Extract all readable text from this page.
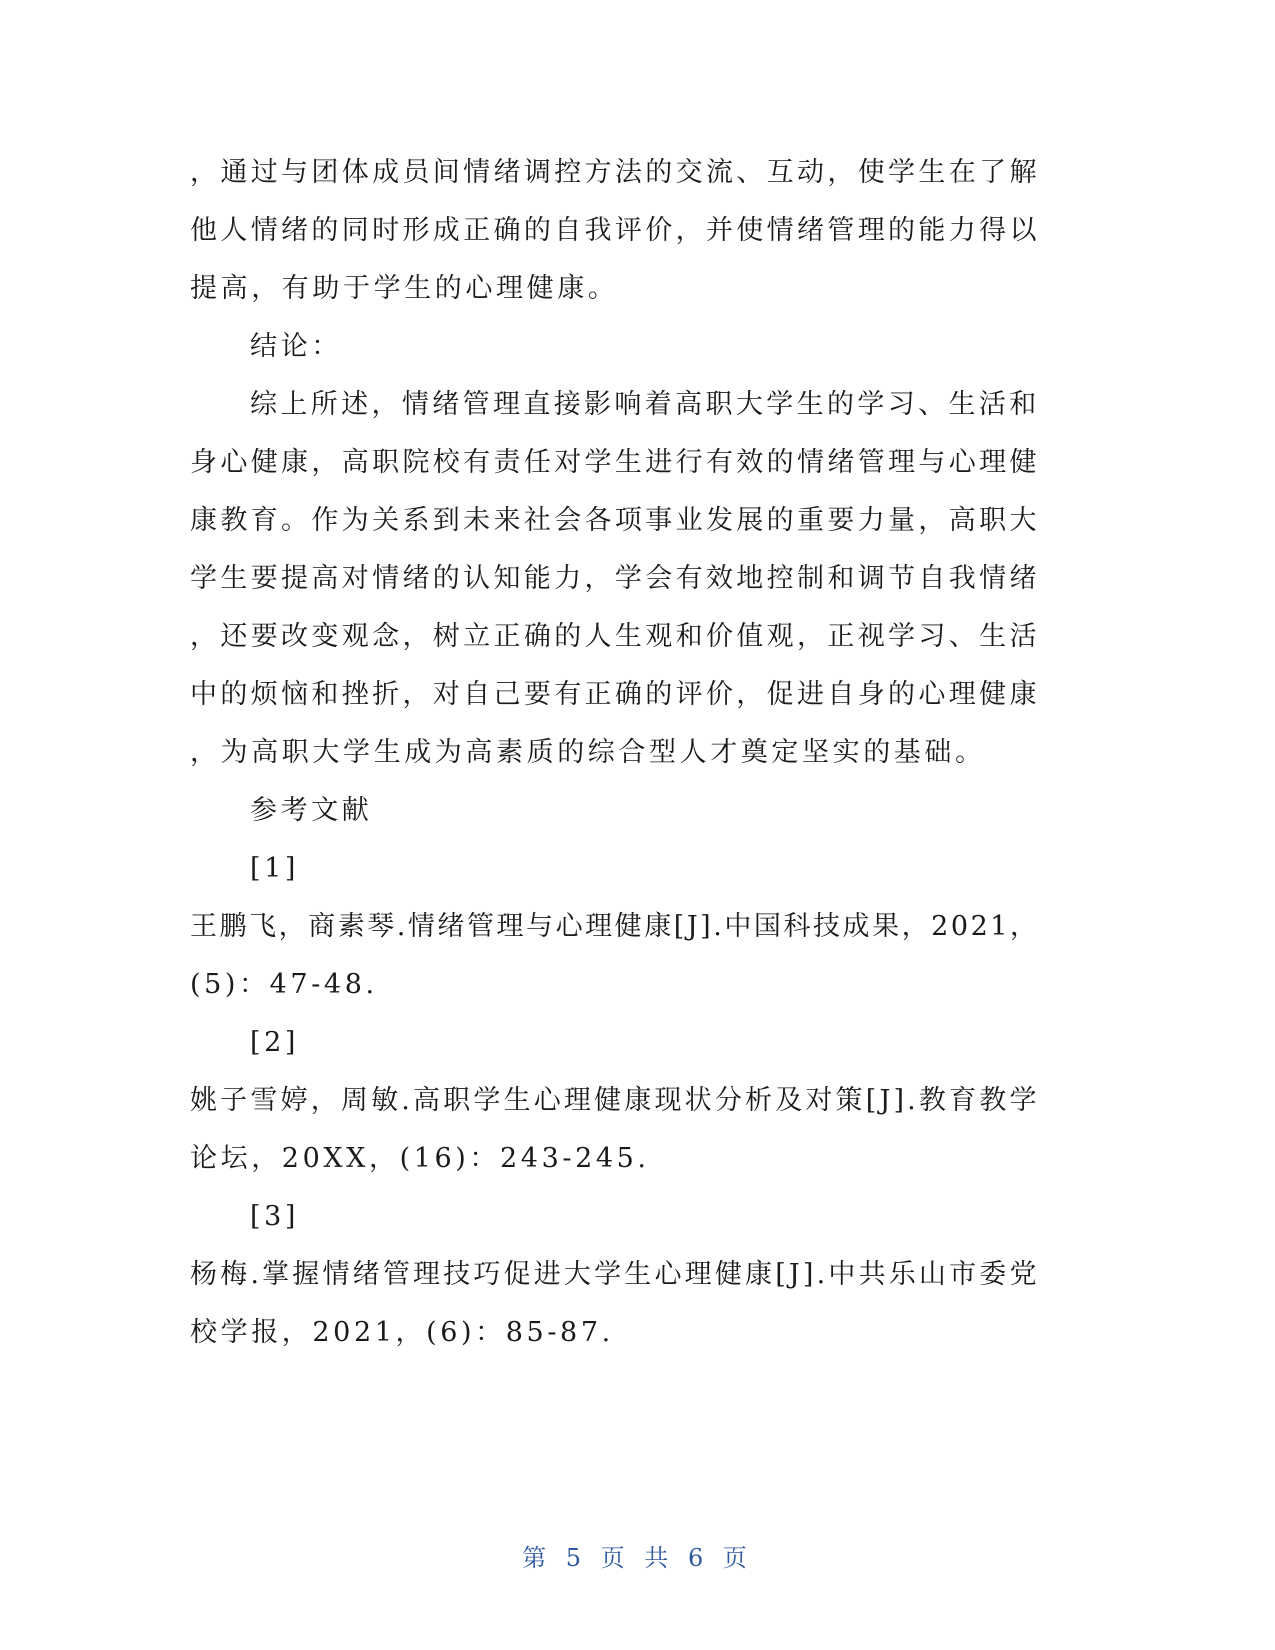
，通过与团体成员间情绪调控方法的交流、互动，使学生在了解
他人情绪的同时形成正确的自我评价，并使情绪管理的能力得以
提高，有助于学生的心理健康。
结论：
综上所述，情绪管理直接影响着高职大学生的学习、生活和
身心健康，高职院校有责任对学生进行有效的情绪管理与心理健
康教育。作为关系到未来社会各项事业发展的重要力量，高职大
学生要提高对情绪的认知能力，学会有效地控制和调节自我情绪
，还要改变观念，树立正确的人生观和价值观，正视学习、生活
中的烦恼和挫折，对自己要有正确的评价，促进自身的心理健康
，为高职大学生成为高素质的综合型人才奠定坚实的基础。
参考文献
[1]
王鹏飞，商素琴.情绪管理与心理健康[J].中国科技成果，2021，
(5)：47-48.
[2]
姚子雪婷，周敏.高职学生心理健康现状分析及对策[J].教育教学
论坛，20XX，(16)：243-245.
[3]
杨梅.掌握情绪管理技巧促进大学生心理健康[J].中共乐山市委党
校学报，2021，(6)：85-87.
第 5 页 共 6 页
